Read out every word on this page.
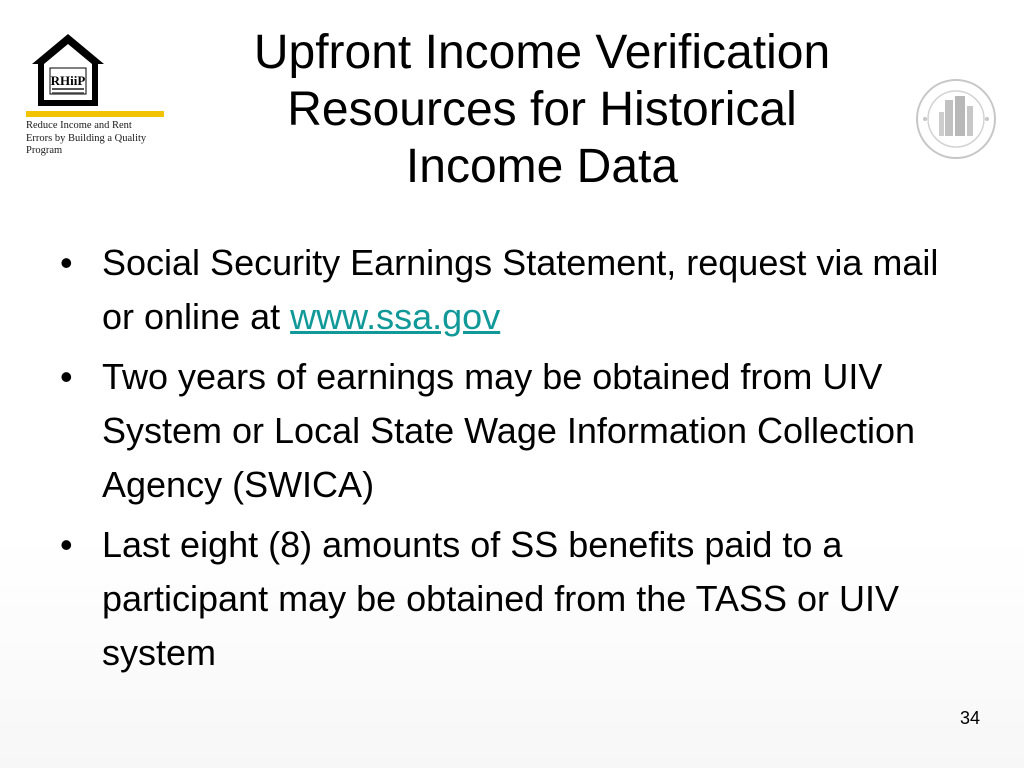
RHiiP
Reduce Income and Rent
Errors by Building a Quality
Program
Upfront Income Verification
Resources for Historical
Income Data
• Social Security Earnings Statement, request via mail or online at www.ssa.gov
• Two years of earnings may be obtained from UIV System or Local State Wage Information Collection Agency (SWICA)
• Last eight (8) amounts of SS benefits paid to a participant may be obtained from the TASS or UIV system
34
